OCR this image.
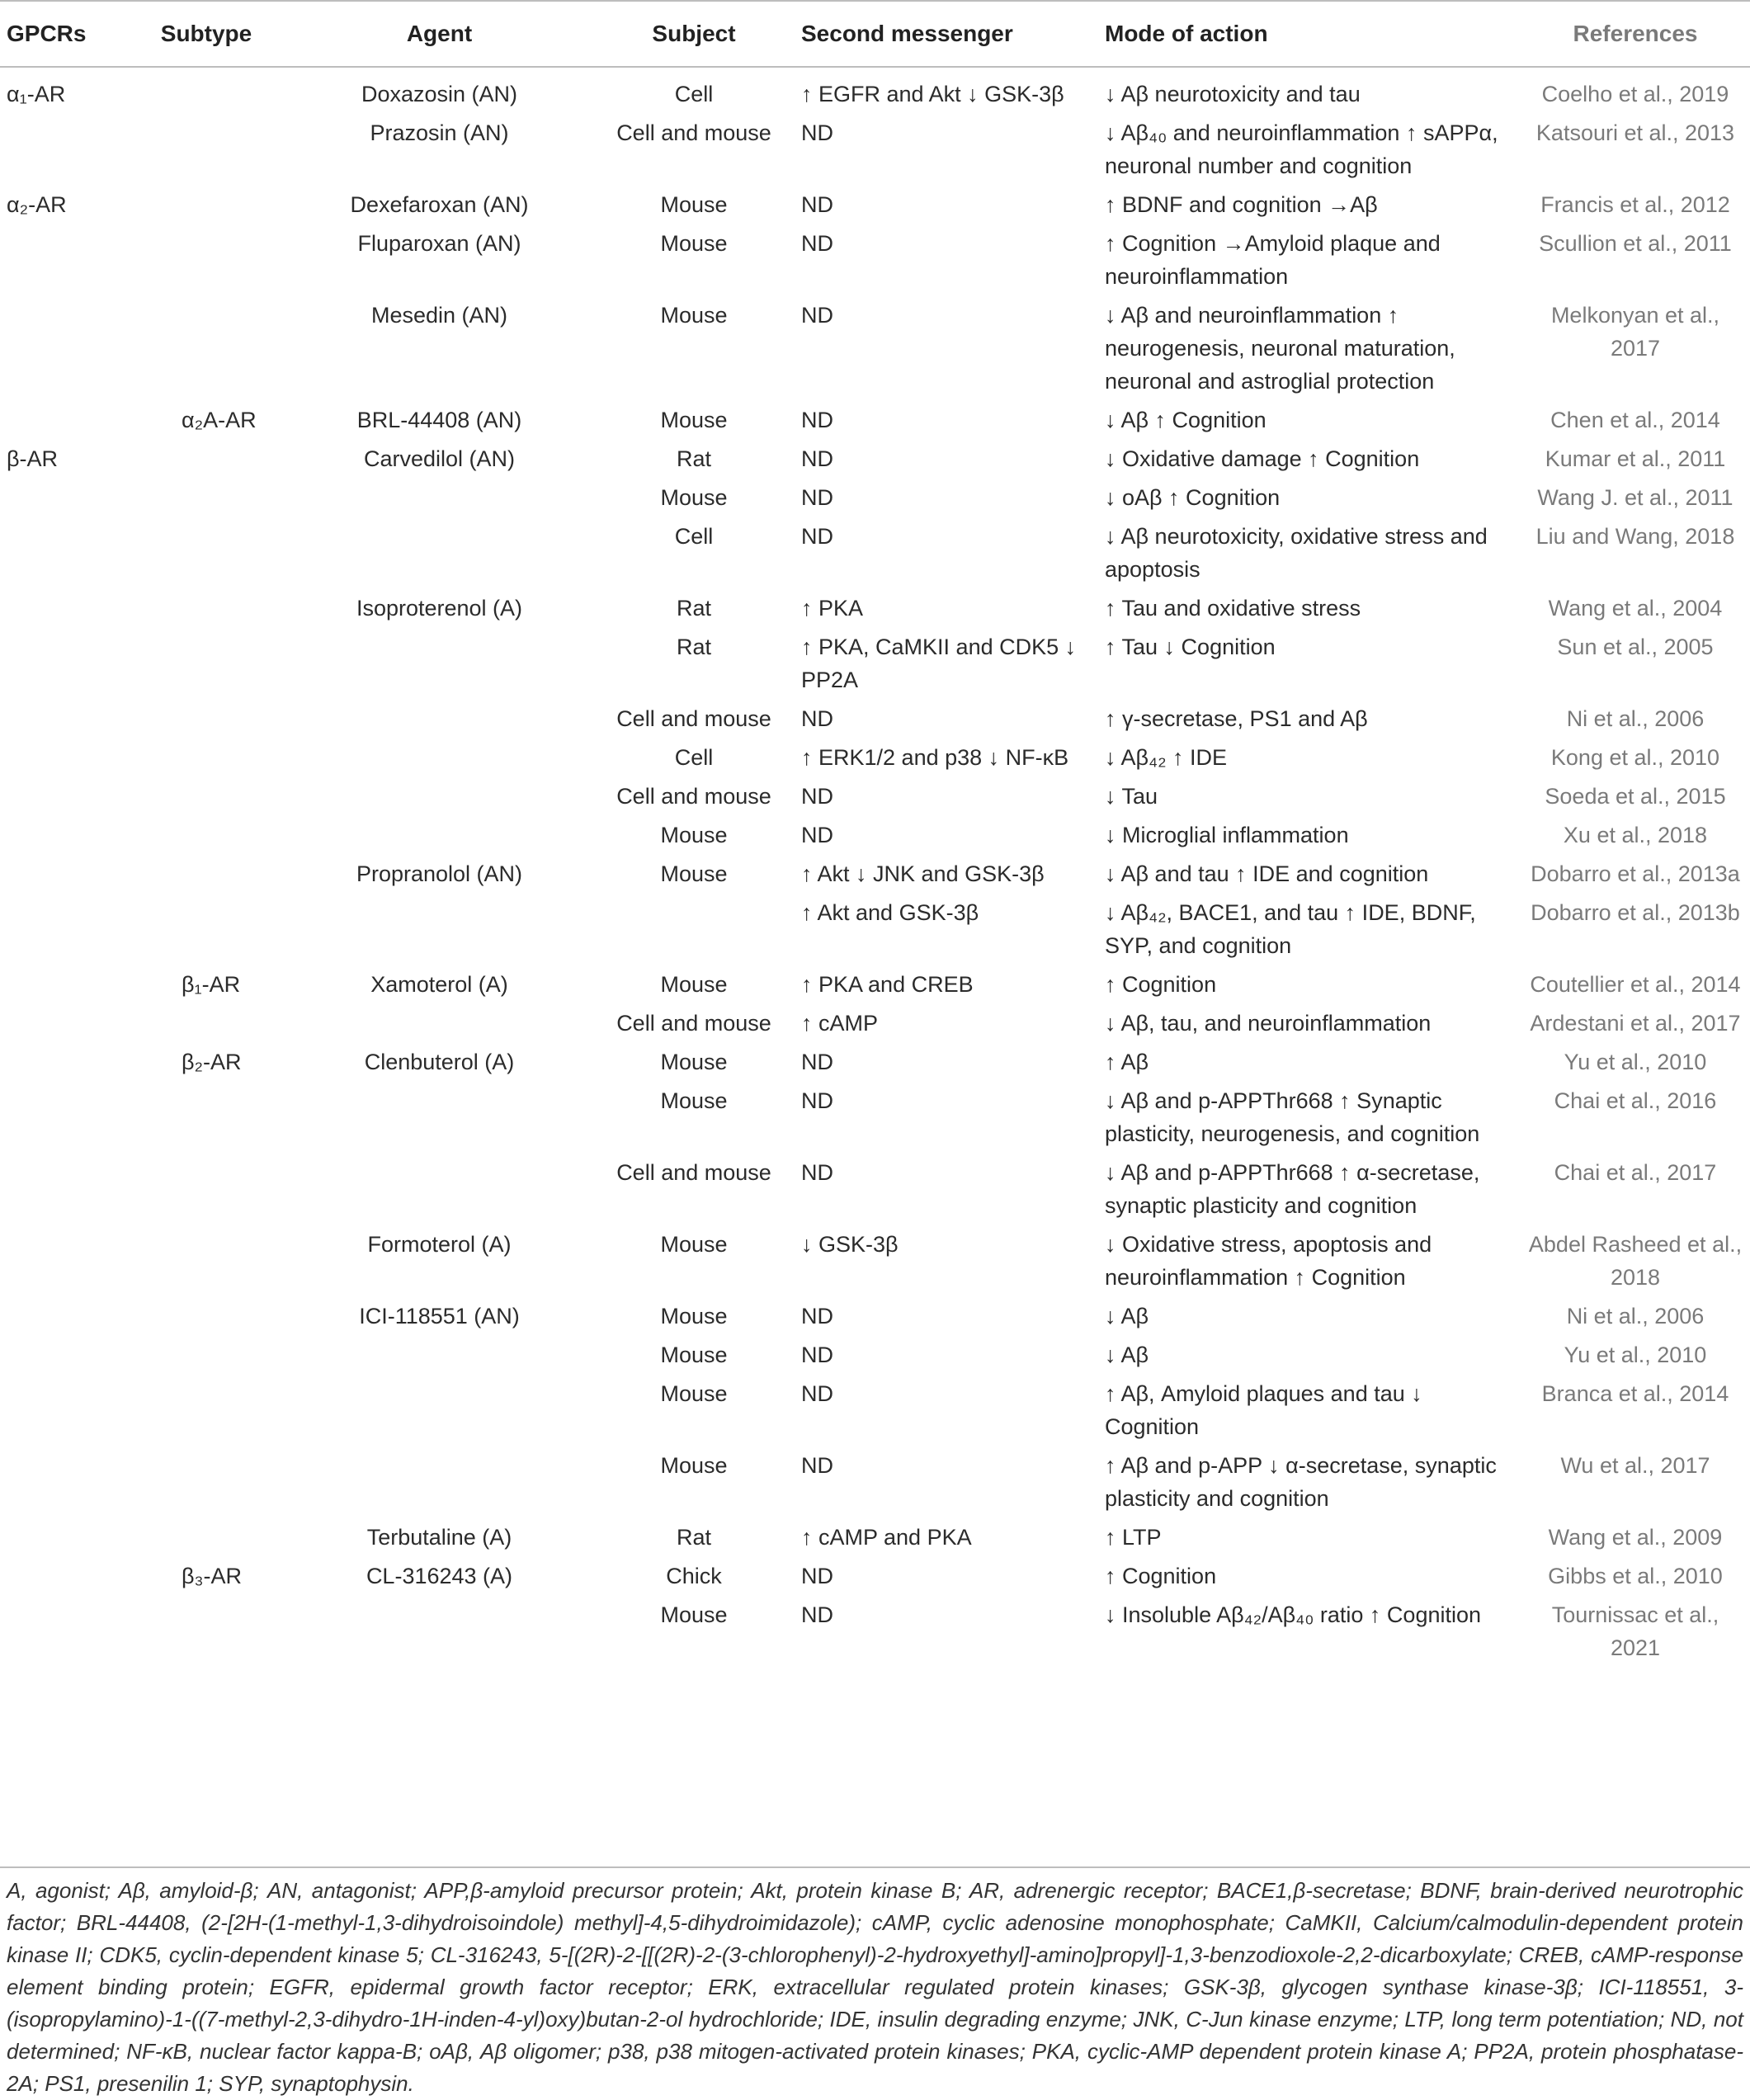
GPCRs	Subtype	Agent	Subject	Second messenger	Mode of action	References
α₁-AR		Doxazosin (AN)	Cell	↑ EGFR and Akt ↓ GSK-3β	↓ Aβ neurotoxicity and tau	Coelho et al., 2019
		Prazosin (AN)	Cell and mouse	ND	↓ Aβ₄₀ and neuroinflammation ↑ sAPPα, neuronal number and cognition	Katsouri et al., 2013
α₂-AR		Dexefaroxan (AN)	Mouse	ND	↑ BDNF and cognition →Aβ	Francis et al., 2012
		Fluparoxan (AN)	Mouse	ND	↑ Cognition →Amyloid plaque and neuroinflammation	Scullion et al., 2011
		Mesedin (AN)	Mouse	ND	↓ Aβ and neuroinflammation ↑ neurogenesis, neuronal maturation, neuronal and astroglial protection	Melkonyan et al., 2017
	α₂A-AR	BRL-44408 (AN)	Mouse	ND	↓ Aβ ↑ Cognition	Chen et al., 2014
β-AR		Carvedilol (AN)	Rat	ND	↓ Oxidative damage ↑ Cognition	Kumar et al., 2011
			Mouse	ND	↓ oAβ ↑ Cognition	Wang J. et al., 2011
			Cell	ND	↓ Aβ neurotoxicity, oxidative stress and apoptosis	Liu and Wang, 2018
		Isoproterenol (A)	Rat	↑ PKA	↑ Tau and oxidative stress	Wang et al., 2004
			Rat	↑ PKA, CaMKII and CDK5 ↓ PP2A	↑ Tau ↓ Cognition	Sun et al., 2005
			Cell and mouse	ND	↑ γ-secretase, PS1 and Aβ	Ni et al., 2006
			Cell	↑ ERK1/2 and p38 ↓ NF-κB	↓ Aβ₄₂ ↑ IDE	Kong et al., 2010
			Cell and mouse	ND	↓ Tau	Soeda et al., 2015
			Mouse	ND	↓ Microglial inflammation	Xu et al., 2018
		Propranolol (AN)	Mouse	↑ Akt ↓ JNK and GSK-3β	↓ Aβ and tau ↑ IDE and cognition	Dobarro et al., 2013a
				↑ Akt and GSK-3β	↓ Aβ₄₂, BACE1, and tau ↑ IDE, BDNF, SYP, and cognition	Dobarro et al., 2013b
	β₁-AR	Xamoterol (A)	Mouse	↑ PKA and CREB	↑ Cognition	Coutellier et al., 2014
			Cell and mouse	↑ cAMP	↓ Aβ, tau, and neuroinflammation	Ardestani et al., 2017
	β₂-AR	Clenbuterol (A)	Mouse	ND	↑ Aβ	Yu et al., 2010
			Mouse	ND	↓ Aβ and p-APPThr668 ↑ Synaptic plasticity, neurogenesis, and cognition	Chai et al., 2016
			Cell and mouse	ND	↓ Aβ and p-APPThr668 ↑ α-secretase, synaptic plasticity and cognition	Chai et al., 2017
		Formoterol (A)	Mouse	↓ GSK-3β	↓ Oxidative stress, apoptosis and neuroinflammation ↑ Cognition	Abdel Rasheed et al., 2018
		ICI-118551 (AN)	Mouse	ND	↓ Aβ	Ni et al., 2006
			Mouse	ND	↓ Aβ	Yu et al., 2010
			Mouse	ND	↑ Aβ, Amyloid plaques and tau ↓ Cognition	Branca et al., 2014
			Mouse	ND	↑ Aβ and p-APP ↓ α-secretase, synaptic plasticity and cognition	Wu et al., 2017
		Terbutaline (A)	Rat	↑ cAMP and PKA	↑ LTP	Wang et al., 2009
	β₃-AR	CL-316243 (A)	Chick	ND	↑ Cognition	Gibbs et al., 2010
			Mouse	ND	↓ Insoluble Aβ₄₂/Aβ₄₀ ratio ↑ Cognition	Tournissac et al., 2021
A, agonist; Aβ, amyloid-β; AN, antagonist; APP,β-amyloid precursor protein; Akt, protein kinase B; AR, adrenergic receptor; BACE1,β-secretase; BDNF, brain-derived neurotrophic factor; BRL-44408, (2-[2H-(1-methyl-1,3-dihydroisoindole) methyl]-4,5-dihydroimidazole); cAMP, cyclic adenosine monophosphate; CaMKII, Calcium/calmodulin-dependent protein kinase II; CDK5, cyclin-dependent kinase 5; CL-316243, 5-[(2R)-2-[[(2R)-2-(3-chlorophenyl)-2-hydroxyethyl]-amino]propyl]-1,3-benzodioxole-2,2-dicarboxylate; CREB, cAMP-response element binding protein; EGFR, epidermal growth factor receptor; ERK, extracellular regulated protein kinases; GSK-3β, glycogen synthase kinase-3β; ICI-118551, 3-(isopropylamino)-1-((7-methyl-2,3-dihydro-1H-inden-4-yl)oxy)butan-2-ol hydrochloride; IDE, insulin degrading enzyme; JNK, C-Jun kinase enzyme; LTP, long term potentiation; ND, not determined; NF-κB, nuclear factor kappa-B; oAβ, Aβ oligomer; p38, p38 mitogen-activated protein kinases; PKA, cyclic-AMP dependent protein kinase A; PP2A, protein phosphatase-2A; PS1, presenilin 1; SYP, synaptophysin.
